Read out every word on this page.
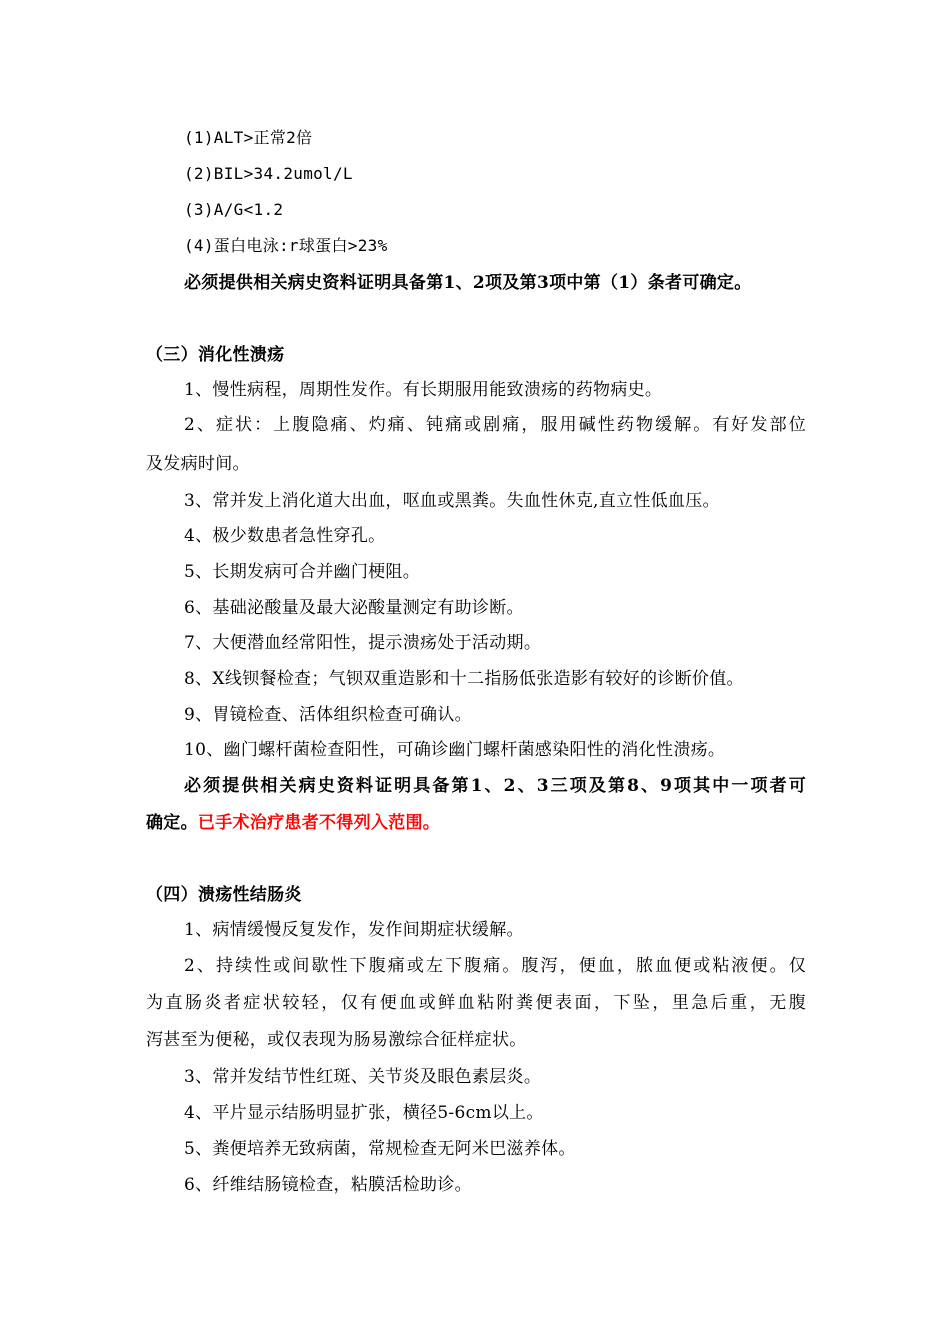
(1)ALT>正常2倍
(2)BIL>34.2umol/L
(3)A/G<1.2
(4)蛋白电泳:r球蛋白>23%
必须提供相关病史资料证明具备第1、2项及第3项中第（1）条者可确定。
（三）消化性溃疡
1、慢性病程，周期性发作。有长期服用能致溃疡的药物病史。
2、症状：上腹隐痛、灼痛、钝痛或剧痛，服用碱性药物缓解。有好发部位
及发病时间。
3、常并发上消化道大出血，呕血或黑粪。失血性休克,直立性低血压。
4、极少数患者急性穿孔。
5、长期发病可合并幽门梗阻。
6、基础泌酸量及最大泌酸量测定有助诊断。
7、大便潜血经常阳性，提示溃疡处于活动期。
8、X线钡餐检查；气钡双重造影和十二指肠低张造影有较好的诊断价值。
9、胃镜检查、活体组织检查可确认。
10、幽门螺杆菌检查阳性，可确诊幽门螺杆菌感染阳性的消化性溃疡。
必须提供相关病史资料证明具备第1、2、3三项及第8、9项其中一项者可
确定。已手术治疗患者不得列入范围。
（四）溃疡性结肠炎
1、病情缓慢反复发作，发作间期症状缓解。
2、持续性或间歇性下腹痛或左下腹痛。腹泻，便血，脓血便或粘液便。仅
为直肠炎者症状较轻，仅有便血或鲜血粘附粪便表面，下坠，里急后重，无腹
泻甚至为便秘，或仅表现为肠易激综合征样症状。
3、常并发结节性红斑、关节炎及眼色素层炎。
4、平片显示结肠明显扩张，横径5-6cm以上。
5、粪便培养无致病菌，常规检查无阿米巴滋养体。
6、纤维结肠镜检查，粘膜活检助诊。
